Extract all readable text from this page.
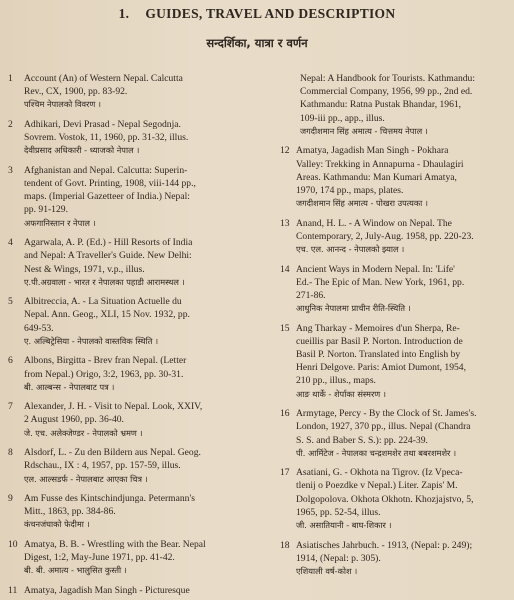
1. GUIDES, TRAVEL AND DESCRIPTION
सन्दर्शिका, यात्रा र वर्णन
1	Account (An) of Western Nepal. Calcutta
Rev., CX, 1900, pp. 83-92.
पश्चिम नेपालको विवरण ।
2	Adhikari, Devi Prasad - Nepal Segodnja.
Sovrem. Vostok, 11, 1960, pp. 31-32, illus.
देवीप्रसाद अधिकारी - ध्याजको नेपाल ।
3	Afghanistan and Nepal. Calcutta: Superin-
tendent of Govt. Printing, 1908, viii-144 pp.,
maps. (Imperial Gazetteer of India.) Nepal:
pp. 91-129.
अफगानिस्तान र नेपाल ।
4	Agarwala, A. P. (Ed.) - Hill Resorts of India
and Nepal: A Traveller's Guide. New Delhi:
Nest & Wings, 1971, v.p., illus.
ए.पी.अग्रवाला - भारत र नेपालका पहाडी आरामस्थल ।
5	Albitreccia, A. - La Situation Actuelle du
Nepal. Ann. Geog., XLI, 15 Nov. 1932, pp.
649-53.
ए. अल्बिट्रेसिया - नेपालको वास्तविक स्थिति ।
6	Albons, Birgitta - Brev fran Nepal. (Letter
from Nepal.) Origo, 3:2, 1963, pp. 30-31.
बी. आल्बन्स - नेपालबाट पत्र ।
7	Alexander, J. H. - Visit to Nepal. Look, XXIV,
2 August 1960, pp. 36-40.
जे. एच. अलेक्जेण्डर - नेपालको भ्रमण ।
8	Alsdorf, L. - Zu den Bildern aus Nepal. Geog.
Rdschau., IX : 4, 1957, pp. 157-59, illus.
एल. आल्सडर्फ - नेपालबाट आएका चित्र ।
9	Am Fusse des Kintschindjunga. Petermann's
Mitt., 1863, pp. 384-86.
कंचनजंघाको फेदीमा ।
10 Amatya, B. B. - Wrestling with the Bear. Nepal
Digest, 1:2, May-June 1971, pp. 41-42.
बी. बी. अमात्य - भालुसित कुस्ती ।
11 Amatya, Jagadish Man Singh - Picturesque
Nepal: A Handbook for Tourists. Kathmandu:
Commercial Company, 1956, 99 pp., 2nd ed.
Kathmandu: Ratna Pustak Bhandar, 1961,
109-iii pp., app., illus.
जगदीशमान सिंह अमात्य - चित्तमय नेपाल ।
12 Amatya, Jagadish Man Singh - Pokhara
Valley: Trekking in Annapurna - Dhaulagiri
Areas. Kathmandu: Man Kumari Amatya,
1970, 174 pp., maps, plates.
जगदीशमान सिंह अमात्य - पोखरा उपत्यका ।
13 Anand, H. L. - A Window on Nepal. The
Contemporary, 2, July-Aug. 1958, pp. 220-23.
एच. एल. आनन्द - नेपालको झ्याल ।
14 Ancient Ways in Modern Nepal. In: 'Life'
Ed.- The Epic of Man. New York, 1961, pp.
271-86.
आधुनिक नेपालमा प्राचीन रीति-स्थिति ।
15 Ang Tharkay - Memoires d'un Sherpa, Re-
cueillis par Basil P. Norton. Introduction de
Basil P. Norton. Translated into English by
Henri Delgove. Paris: Amiot Dumont, 1954,
210 pp., illus., maps.
आङ थार्के - शेर्पाका संस्मरण ।
16 Armytage, Percy - By the Clock of St. James's.
London, 1927, 370 pp., illus. Nepal (Chandra
S. S. and Baber S. S.): pp. 224-39.
पी. आर्मिटेज - नेपालका चन्द्रशमशेर तथा बबरशमशेर ।
17 Asatiani, G. - Okhota na Tigrov. (Iz Vpeca-
tlenij o Poezdke v Nepal.) Liter. Zapis' M.
Dolgopolova. Okhota Okhotn. Khozjajstvo, 5,
1965, pp. 52-54, illus.
जी. असातियानी - बाघ-शिकार ।
18 Asiatisches Jahrbuch. - 1913, (Nepal: p. 249);
1914, (Nepal: p. 305).
एशियाली वर्ष-कोश ।
